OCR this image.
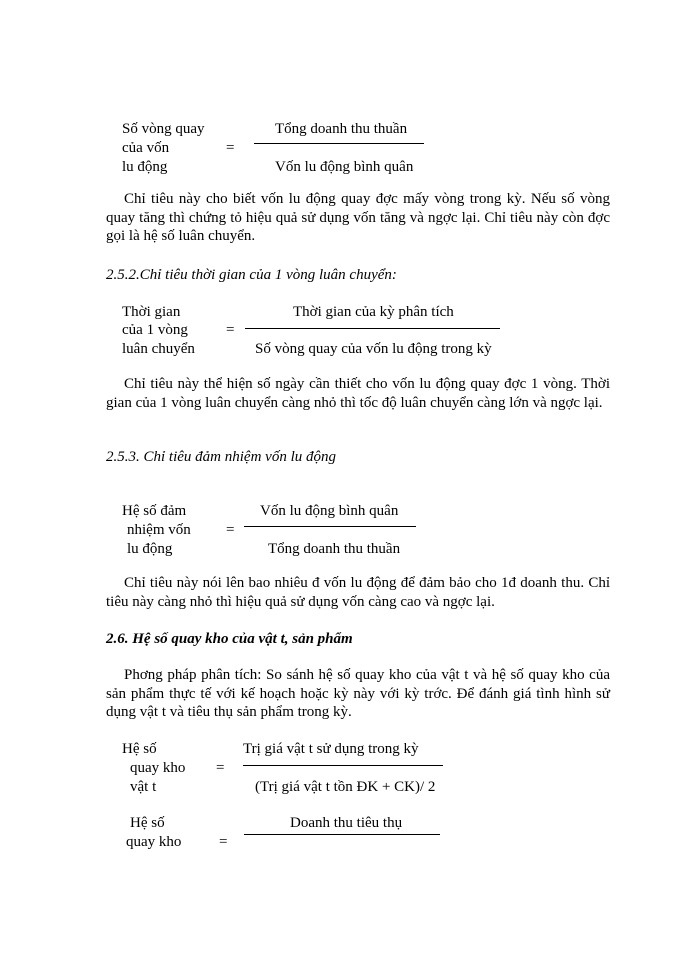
Số vòng quay
của vốn
lu động
=
Tổng doanh thu thuần
Vốn lu động bình quân

Chỉ tiêu này cho biết vốn lu động quay đợc mấy vòng trong kỳ. Nếu số vòng quay tăng thì chứng tỏ hiệu quả sử dụng vốn tăng và ngợc lại. Chỉ tiêu này còn đợc gọi là hệ số luân chuyển.

2.5.2.Chỉ tiêu thời gian của 1 vòng luân chuyển:
Thời gian
của 1 vòng
luân chuyển
=
Thời gian của kỳ phân tích
Số vòng quay của vốn lu động trong kỳ

Chỉ tiêu này thể hiện số ngày cần thiết cho vốn lu động quay đợc 1 vòng. Thời gian của 1 vòng luân chuyển càng nhỏ thì tốc độ luân chuyển càng lớn và ngợc lại.

2.5.3. Chỉ tiêu đảm nhiệm vốn lu động
Hệ số đảm
nhiệm vốn
lu động
=
Vốn lu động bình quân
Tổng doanh thu thuần

Chỉ tiêu này nói lên bao nhiêu đ vốn lu động để đảm bảo cho 1đ doanh thu. Chỉ tiêu này càng nhỏ thì hiệu quả sử dụng vốn càng cao và ngợc lại.

2.6. Hệ số quay kho của vật t, sản phẩm

Phơng pháp phân tích: So sánh hệ số quay kho của vật t và hệ số quay kho của sản phẩm thực tế với kế hoạch hoặc kỳ này với kỳ trớc. Để đánh giá tình hình sử dụng vật t và tiêu thụ sản phẩm trong kỳ.

Hệ số
quay kho
vật t
=
Trị giá vật t sử dụng trong kỳ
(Trị giá vật t tồn ĐK + CK)/ 2
Hệ số
quay kho	=
Doanh thu tiêu thụ
